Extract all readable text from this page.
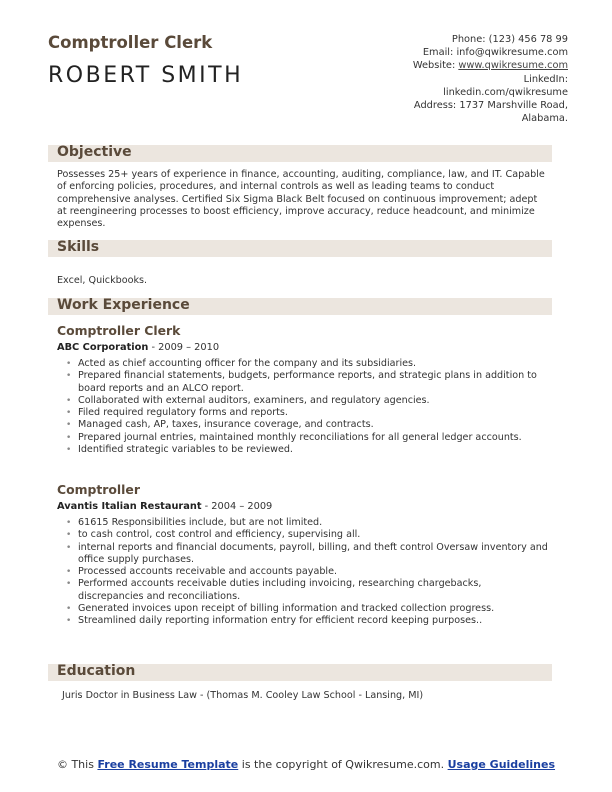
Comptroller Clerk
ROBERT SMITH
Phone: (123) 456 78 99
Email: info@qwikresume.com
Website: www.qwikresume.com
LinkedIn:
linkedin.com/qwikresume
Address: 1737 Marshville Road,
Alabama.
Objective
Possesses 25+ years of experience in finance, accounting, auditing, compliance, law, and IT. Capable of enforcing policies, procedures, and internal controls as well as leading teams to conduct comprehensive analyses. Certified Six Sigma Black Belt focused on continuous improvement; adept at reengineering processes to boost efficiency, improve accuracy, reduce headcount, and minimize expenses.
Skills
Excel, Quickbooks.
Work Experience
Comptroller Clerk
ABC Corporation - 2009 – 2010
• Acted as chief accounting officer for the company and its subsidiaries.
• Prepared financial statements, budgets, performance reports, and strategic plans in addition to board reports and an ALCO report.
• Collaborated with external auditors, examiners, and regulatory agencies.
• Filed required regulatory forms and reports.
• Managed cash, AP, taxes, insurance coverage, and contracts.
• Prepared journal entries, maintained monthly reconciliations for all general ledger accounts.
• Identified strategic variables to be reviewed.
Comptroller
Avantis Italian Restaurant - 2004 – 2009
• 61615 Responsibilities include, but are not limited.
• to cash control, cost control and efficiency, supervising all.
• internal reports and financial documents, payroll, billing, and theft control Oversaw inventory and office supply purchases.
• Processed accounts receivable and accounts payable.
• Performed accounts receivable duties including invoicing, researching chargebacks, discrepancies and reconciliations.
• Generated invoices upon receipt of billing information and tracked collection progress.
• Streamlined daily reporting information entry for efficient record keeping purposes..
Education
Juris Doctor in Business Law - (Thomas M. Cooley Law School - Lansing, MI)
© This Free Resume Template is the copyright of Qwikresume.com. Usage Guidelines
